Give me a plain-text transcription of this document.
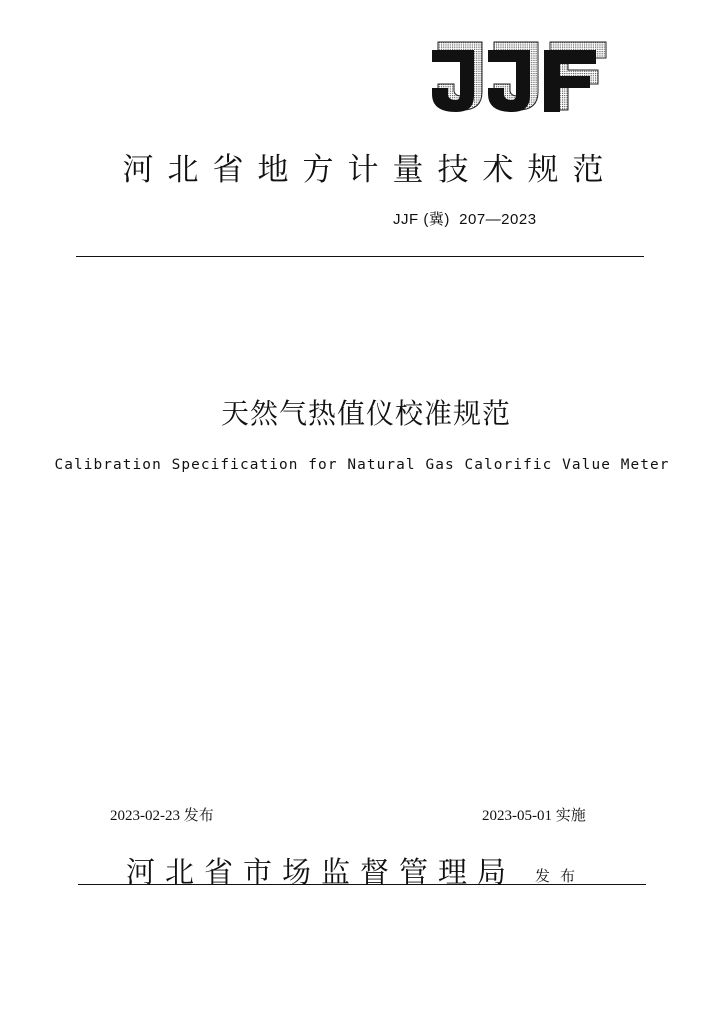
河北省地方计量技术规范
JJF (冀)  207—2023
天然气热值仪校准规范
Calibration Specification for Natural Gas Calorific Value Meter
2023-02-23 发布	2023-05-01 实施
河北省市场监督管理局 发布
